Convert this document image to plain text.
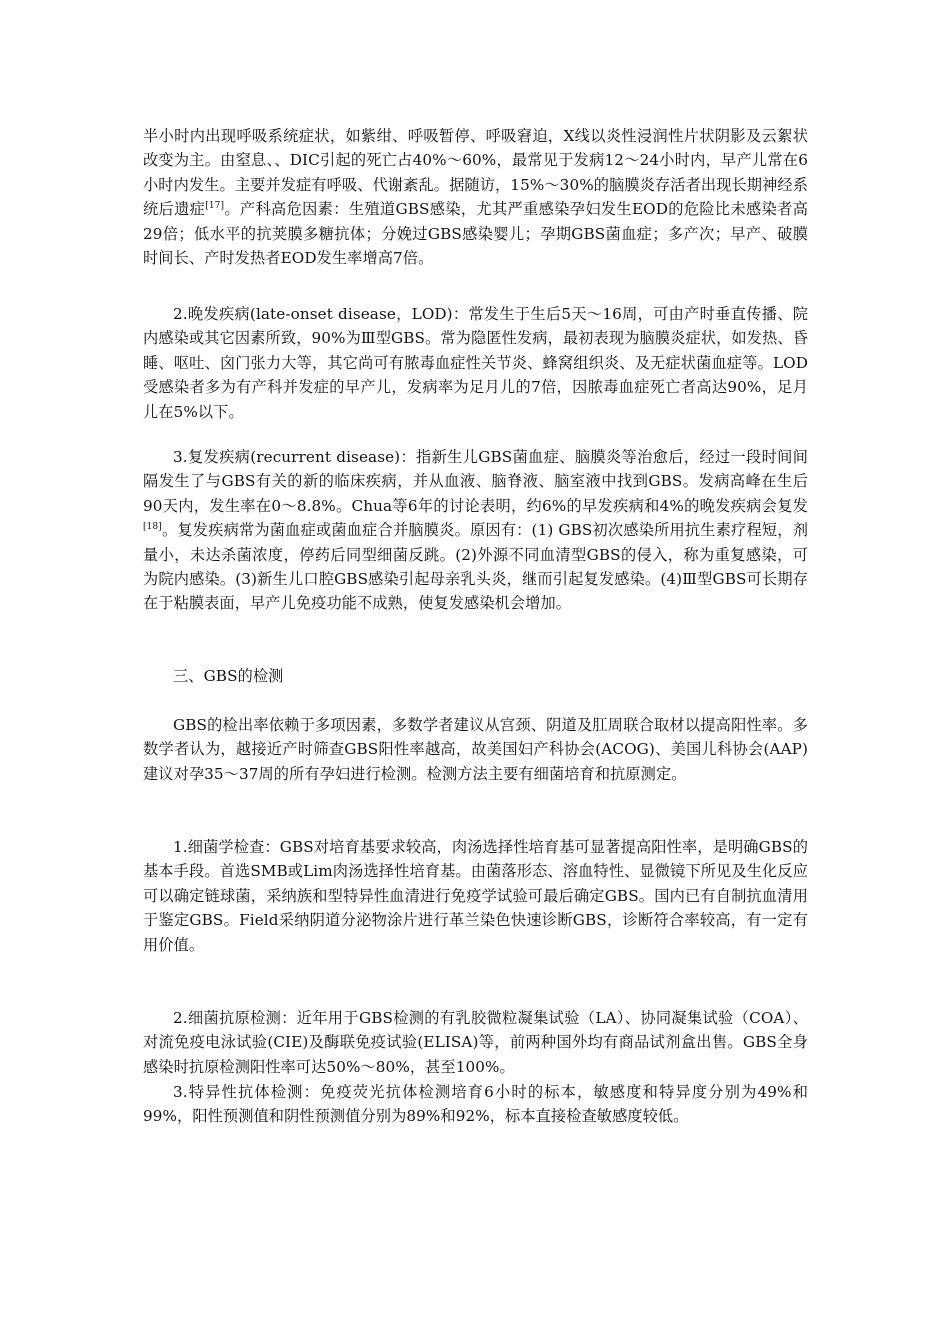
半小时内出现呼吸系统症状，如紫绀、呼吸暂停、呼吸窘迫，X线以炎性浸润性片状阴影及云絮状改变为主。由窒息、、DIC引起的死亡占40%～60%，最常见于发病12～24小时内，早产儿常在6小时内发生。主要并发症有呼吸、代谢紊乱。据随访，15%～30%的脑膜炎存活者出现长期神经系统后遗症[17]。产科高危因素：生殖道GBS感染，尤其严重感染孕妇发生EOD的危险比未感染者高29倍；低水平的抗荚膜多糖抗体；分娩过GBS感染婴儿；孕期GBS菌血症；多产次；早产、破膜时间长、产时发热者EOD发生率增高7倍。

2.晚发疾病(late-onset disease，LOD)：常发生于生后5天～16周，可由产时垂直传播、院内感染或其它因素所致，90%为Ⅲ型GBS。常为隐匿性发病，最初表现为脑膜炎症状，如发热、昏睡、呕吐、囟门张力大等，其它尚可有脓毒血症性关节炎、蜂窝组织炎、及无症状菌血症等。LOD受感染者多为有产科并发症的早产儿，发病率为足月儿的7倍，因脓毒血症死亡者高达90%，足月儿在5%以下。

3.复发疾病(recurrent disease)：指新生儿GBS菌血症、脑膜炎等治愈后，经过一段时间间隔发生了与GBS有关的新的临床疾病，并从血液、脑脊液、脑室液中找到GBS。发病高峰在生后90天内，发生率在0～8.8%。Chua等6年的讨论表明，约6%的早发疾病和4%的晚发疾病会复发[18]。复发疾病常为菌血症或菌血症合并脑膜炎。原因有：(1) GBS初次感染所用抗生素疗程短，剂量小，未达杀菌浓度，停药后同型细菌反跳。(2)外源不同血清型GBS的侵入，称为重复感染，可为院内感染。(3)新生儿口腔GBS感染引起母亲乳头炎，继而引起复发感染。(4)Ⅲ型GBS可长期存在于粘膜表面，早产儿免疫功能不成熟，使复发感染机会增加。

三、GBS的检测

GBS的检出率依赖于多项因素，多数学者建议从宫颈、阴道及肛周联合取材以提高阳性率。多数学者认为，越接近产时筛查GBS阳性率越高，故美国妇产科协会(ACOG)、美国儿科协会(AAP)建议对孕35～37周的所有孕妇进行检测。检测方法主要有细菌培育和抗原测定。

1.细菌学检查：GBS对培育基要求较高，肉汤选择性培育基可显著提高阳性率，是明确GBS的基本手段。首选SMB或Lim肉汤选择性培育基。由菌落形态、溶血特性、显微镜下所见及生化反应可以确定链球菌，采纳族和型特异性血清进行免疫学试验可最后确定GBS。国内已有自制抗血清用于鉴定GBS。Field采纳阴道分泌物涂片进行革兰染色快速诊断GBS，诊断符合率较高，有一定有用价值。

2.细菌抗原检测：近年用于GBS检测的有乳胶微粒凝集试验（LA）、协同凝集试验（COA）、对流免疫电泳试验(CIE)及酶联免疫试验(ELISA)等，前两种国外均有商品试剂盒出售。GBS全身感染时抗原检测阳性率可达50%～80%，甚至100%。

3.特异性抗体检测：免疫荧光抗体检测培育6小时的标本，敏感度和特异度分别为49%和99%，阳性预测值和阴性预测值分别为89%和92%，标本直接检查敏感度较低。
